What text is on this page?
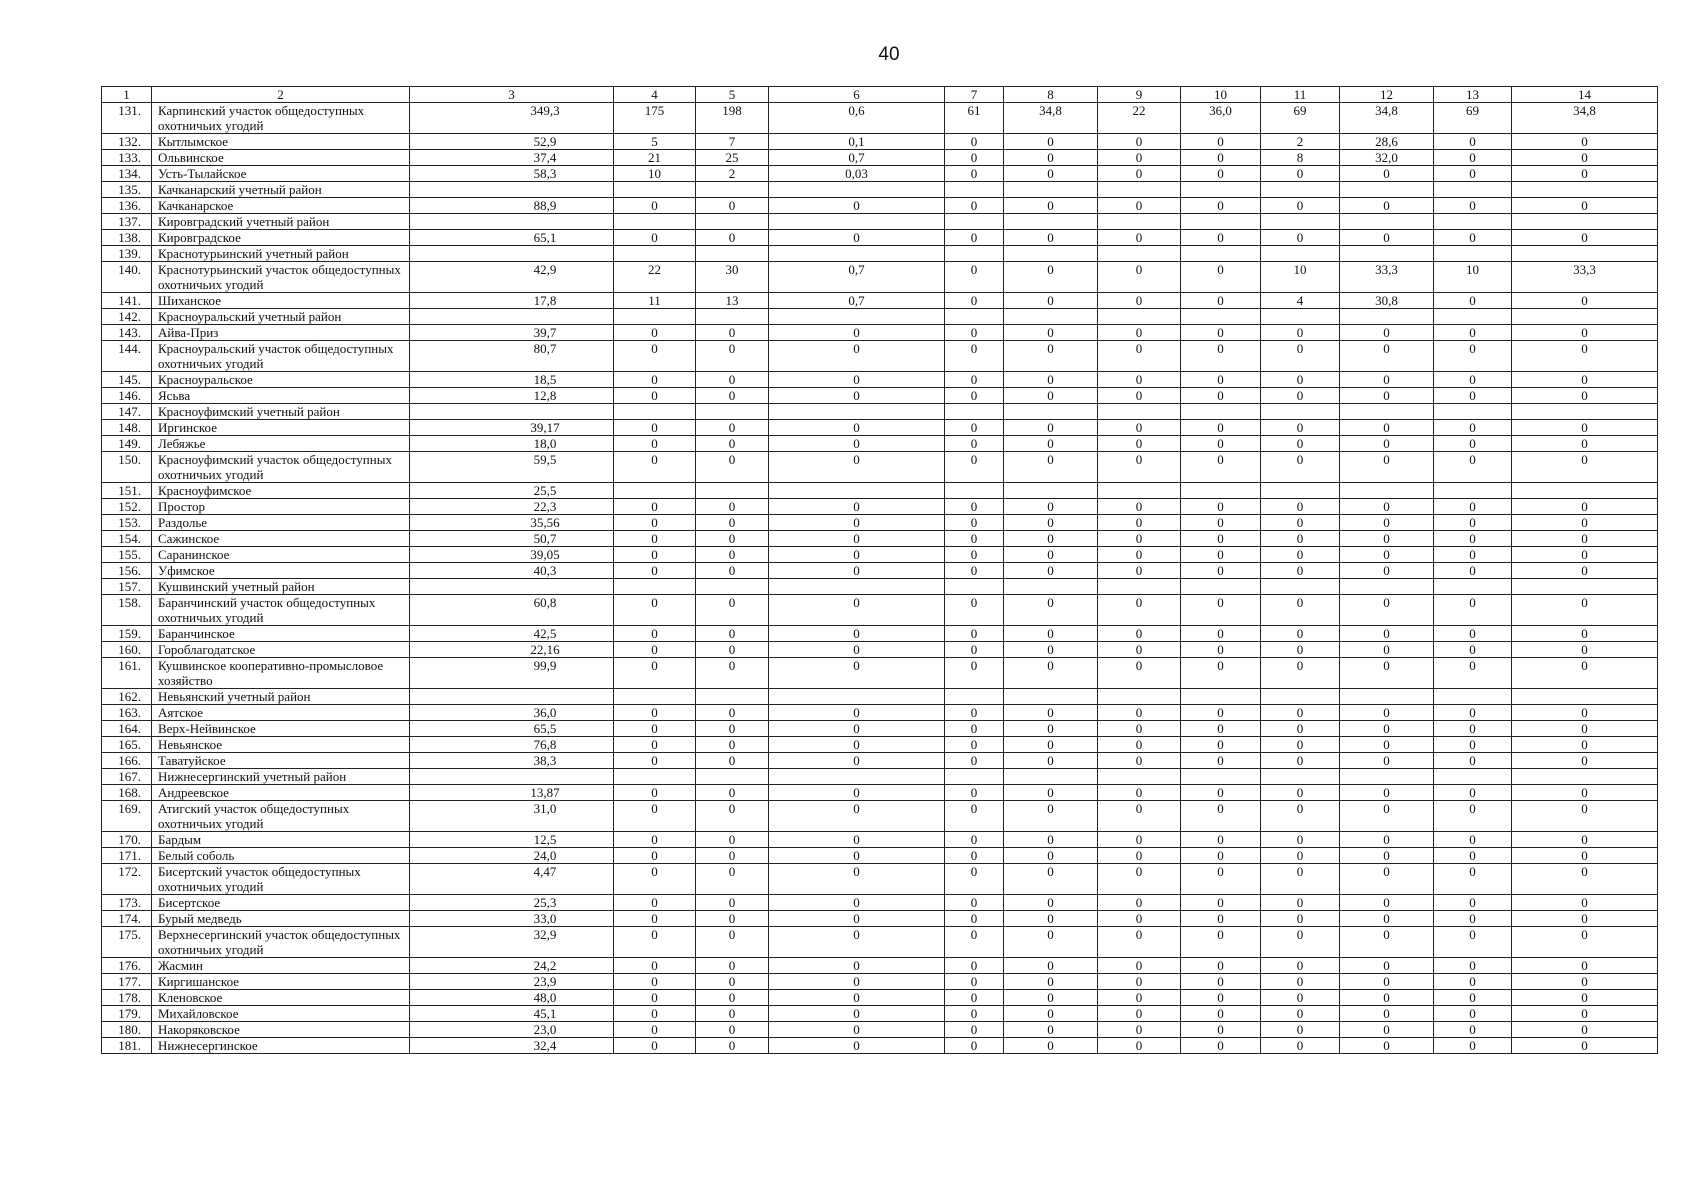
40
1	2	3	4	5	6	7	8	9	10	11	12	13	14
131.	Карпинский участок общедоступных охотничьих угодий	349,3	175	198	0,6	61	34,8	22	36,0	69	34,8	69	34,8
132.	Кытлымское	52,9	5	7	0,1	0	0	0	0	2	28,6	0	0
133.	Ольвинское	37,4	21	25	0,7	0	0	0	0	8	32,0	0	0
134.	Усть-Тылайское	58,3	10	2	0,03	0	0	0	0	0	0	0	0
135.	Качканарский учетный район												
136.	Качканарское	88,9	0	0	0	0	0	0	0	0	0	0	0
137.	Кировградский учетный район												
138.	Кировградское	65,1	0	0	0	0	0	0	0	0	0	0	0
139.	Краснотурьинский учетный район												
140.	Краснотурьинский участок общедоступных охотничьих угодий	42,9	22	30	0,7	0	0	0	0	10	33,3	10	33,3
141.	Шиханское	17,8	11	13	0,7	0	0	0	0	4	30,8	0	0
142.	Красноуральский учетный район												
143.	Айва-Приз	39,7	0	0	0	0	0	0	0	0	0	0	0
144.	Красноуральский участок общедоступных охотничьих угодий	80,7	0	0	0	0	0	0	0	0	0	0	0
145.	Красноуральское	18,5	0	0	0	0	0	0	0	0	0	0	0
146.	Ясьва	12,8	0	0	0	0	0	0	0	0	0	0	0
147.	Красноуфимский учетный район												
148.	Иргинское	39,17	0	0	0	0	0	0	0	0	0	0	0
149.	Лебяжье	18,0	0	0	0	0	0	0	0	0	0	0	0
150.	Красноуфимский участок общедоступных охотничьих угодий	59,5	0	0	0	0	0	0	0	0	0	0	0
151.	Красноуфимское	25,5											
152.	Простор	22,3	0	0	0	0	0	0	0	0	0	0	0
153.	Раздолье	35,56	0	0	0	0	0	0	0	0	0	0	0
154.	Сажинское	50,7	0	0	0	0	0	0	0	0	0	0	0
155.	Саранинское	39,05	0	0	0	0	0	0	0	0	0	0	0
156.	Уфимское	40,3	0	0	0	0	0	0	0	0	0	0	0
157.	Кушвинский учетный район												
158.	Баранчинский участок общедоступных охотничьих угодий	60,8	0	0	0	0	0	0	0	0	0	0	0
159.	Баранчинское	42,5	0	0	0	0	0	0	0	0	0	0	0
160.	Гороблагодатское	22,16	0	0	0	0	0	0	0	0	0	0	0
161.	Кушвинское кооперативно-промысловое хозяйство	99,9	0	0	0	0	0	0	0	0	0	0	0
162.	Невьянский учетный район												
163.	Аятское	36,0	0	0	0	0	0	0	0	0	0	0	0
164.	Верх-Нейвинское	65,5	0	0	0	0	0	0	0	0	0	0	0
165.	Невьянское	76,8	0	0	0	0	0	0	0	0	0	0	0
166.	Таватуйское	38,3	0	0	0	0	0	0	0	0	0	0	0
167.	Нижнесергинский учетный район												
168.	Андреевское	13,87	0	0	0	0	0	0	0	0	0	0	0
169.	Атигский участок общедоступных охотничьих угодий	31,0	0	0	0	0	0	0	0	0	0	0	0
170.	Бардым	12,5	0	0	0	0	0	0	0	0	0	0	0
171.	Белый соболь	24,0	0	0	0	0	0	0	0	0	0	0	0
172.	Бисертский участок общедоступных охотничьих угодий	4,47	0	0	0	0	0	0	0	0	0	0	0
173.	Бисертское	25,3	0	0	0	0	0	0	0	0	0	0	0
174.	Бурый медведь	33,0	0	0	0	0	0	0	0	0	0	0	0
175.	Верхнесергинский участок общедоступных охотничьих угодий	32,9	0	0	0	0	0	0	0	0	0	0	0
176.	Жасмин	24,2	0	0	0	0	0	0	0	0	0	0	0
177.	Киргишанское	23,9	0	0	0	0	0	0	0	0	0	0	0
178.	Кленовское	48,0	0	0	0	0	0	0	0	0	0	0	0
179.	Михайловское	45,1	0	0	0	0	0	0	0	0	0	0	0
180.	Накоряковское	23,0	0	0	0	0	0	0	0	0	0	0	0
181.	Нижнесергинское	32,4	0	0	0	0	0	0	0	0	0	0	0
